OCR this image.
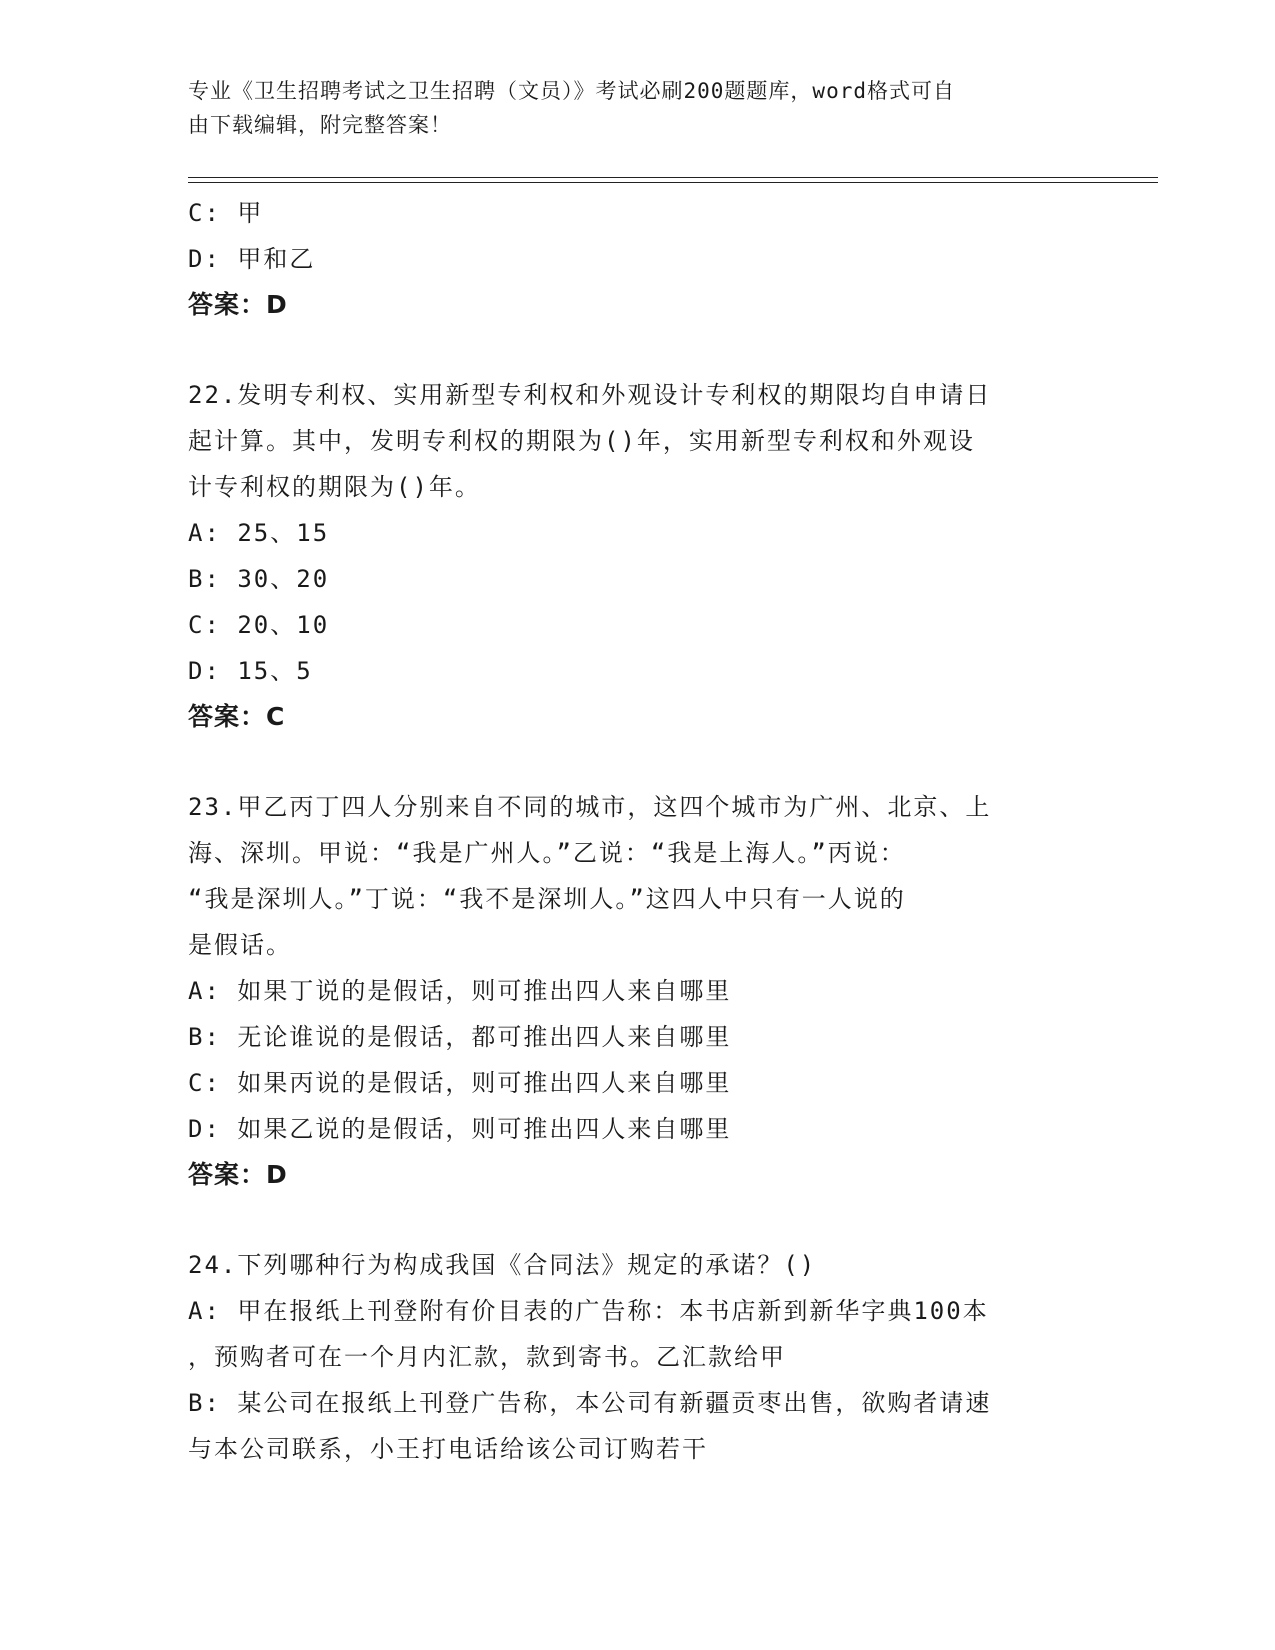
专业《卫生招聘考试之卫生招聘（文员）》考试必刷200题题库，word格式可自
由下载编辑，附完整答案！
C: 甲
D: 甲和乙
答案：D
22.发明专利权、实用新型专利权和外观设计专利权的期限均自申请日
起计算。其中，发明专利权的期限为()年，实用新型专利权和外观设
计专利权的期限为()年。
A: 25、15
B: 30、20
C: 20、10
D: 15、5
答案：C
23.甲乙丙丁四人分别来自不同的城市，这四个城市为广州、北京、上
海、深圳。甲说：“我是广州人。”乙说：“我是上海人。”丙说：
“我是深圳人。”丁说：“我不是深圳人。”这四人中只有一人说的
是假话。
A: 如果丁说的是假话，则可推出四人来自哪里
B: 无论谁说的是假话，都可推出四人来自哪里
C: 如果丙说的是假话，则可推出四人来自哪里
D: 如果乙说的是假话，则可推出四人来自哪里
答案：D
24.下列哪种行为构成我国《合同法》规定的承诺？()
A: 甲在报纸上刊登附有价目表的广告称：本书店新到新华字典100本
，预购者可在一个月内汇款，款到寄书。乙汇款给甲
B: 某公司在报纸上刊登广告称，本公司有新疆贡枣出售，欲购者请速
与本公司联系，小王打电话给该公司订购若干
